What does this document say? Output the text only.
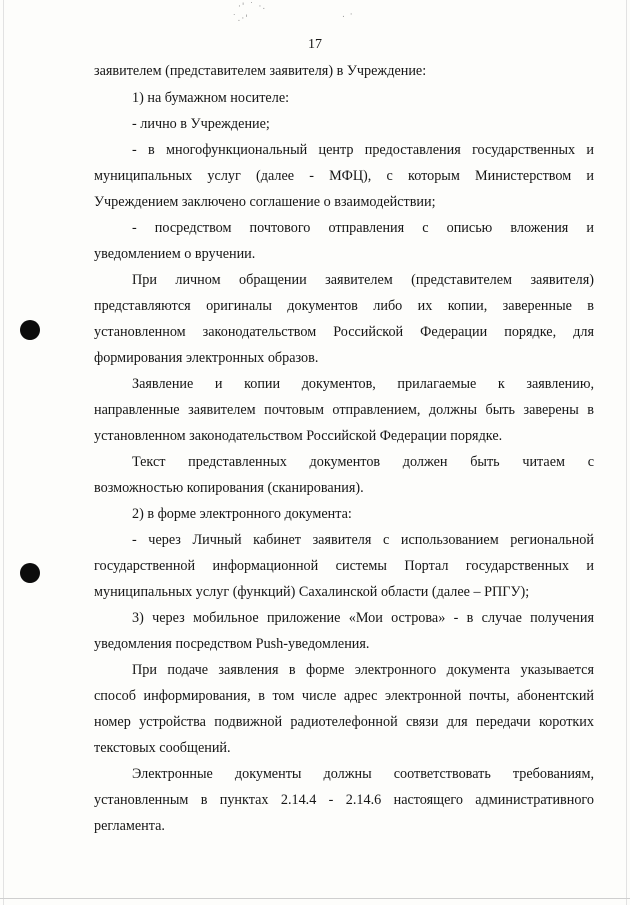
·' ˙ ·.
˙.·'	. ·
17
заявителем (представителем заявителя) в Учреждение:
1) на бумажном носителе:
- лично в Учреждение;
- в многофункциональный центр предоставления государственных и
муниципальных услуг (далее - МФЦ), с которым Министерством и
Учреждением заключено соглашение о взаимодействии;
- посредством почтового отправления с описью вложения и
уведомлением о вручении.
При личном обращении заявителем (представителем заявителя)
представляются оригиналы документов либо их копии, заверенные в
установленном законодательством Российской Федерации порядке, для
формирования электронных образов.
Заявление и копии документов, прилагаемые к заявлению,
направленные заявителем почтовым отправлением, должны быть заверены в
установленном законодательством Российской Федерации порядке.
Текст представленных документов должен быть читаем с
возможностью копирования (сканирования).
2) в форме электронного документа:
- через Личный кабинет заявителя с использованием региональной
государственной информационной системы Портал государственных и
муниципальных услуг (функций) Сахалинской области (далее – РПГУ);
3) через мобильное приложение «Мои острова» - в случае получения
уведомления посредством Push-уведомления.
При подаче заявления в форме электронного документа указывается
способ информирования, в том числе адрес электронной почты, абонентский
номер устройства подвижной радиотелефонной связи для передачи коротких
текстовых сообщений.
Электронные документы должны соответствовать требованиям,
установленным в пунктах 2.14.4 - 2.14.6 настоящего административного
регламента.
